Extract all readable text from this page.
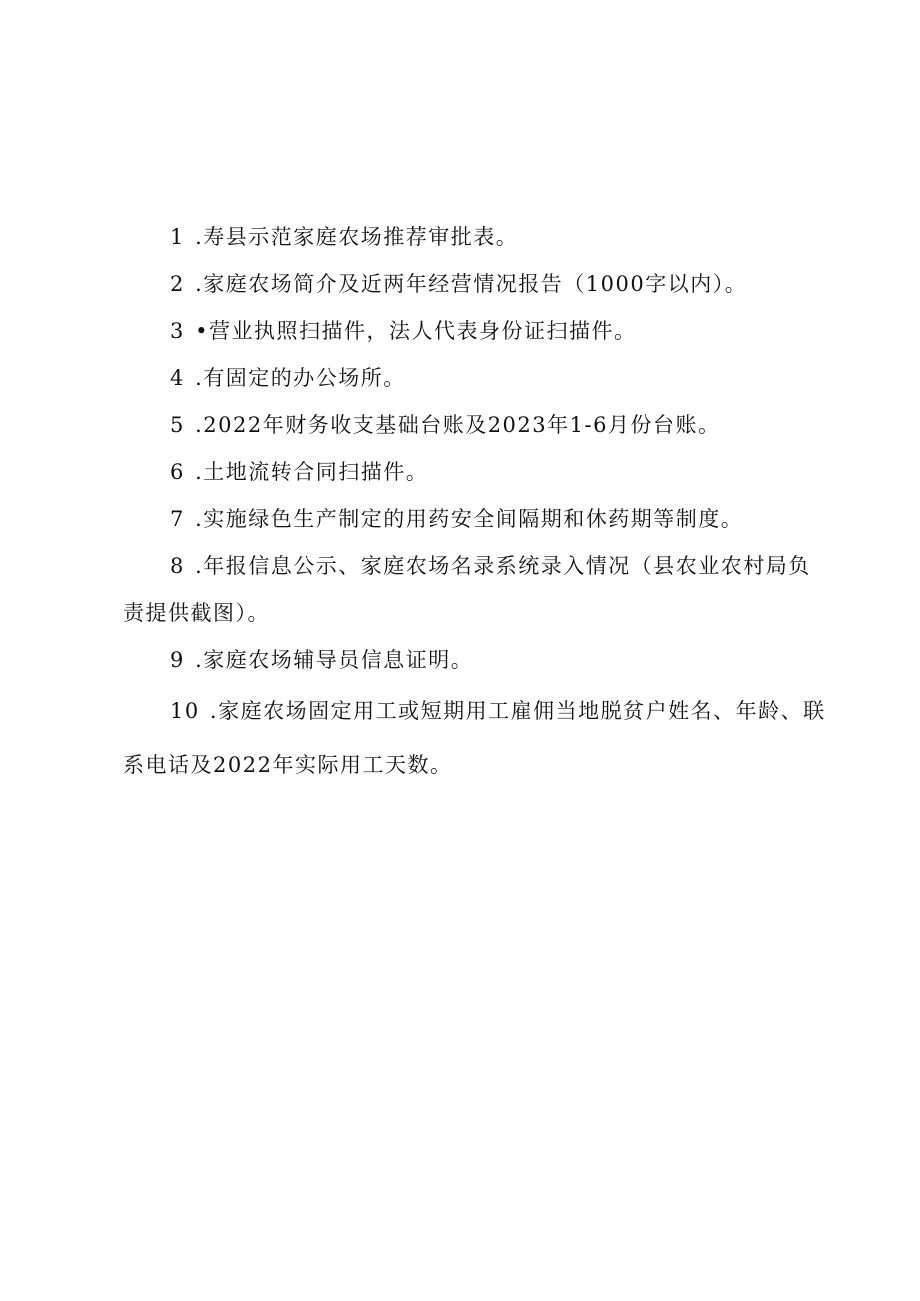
1 .寿县示范家庭农场推荐审批表。

2 .家庭农场简介及近两年经营情况报告（1000字以内）。

3 •营业执照扫描件，法人代表身份证扫描件。

4 .有固定的办公场所。

5 .2022年财务收支基础台账及2023年1-6月份台账。

6 .土地流转合同扫描件。

7 .实施绿色生产制定的用药安全间隔期和休药期等制度。

8 .年报信息公示、家庭农场名录系统录入情况（县农业农村局负责提供截图）。

9 .家庭农场辅导员信息证明。

10 .家庭农场固定用工或短期用工雇佣当地脱贫户姓名、年龄、联系电话及2022年实际用工天数。
